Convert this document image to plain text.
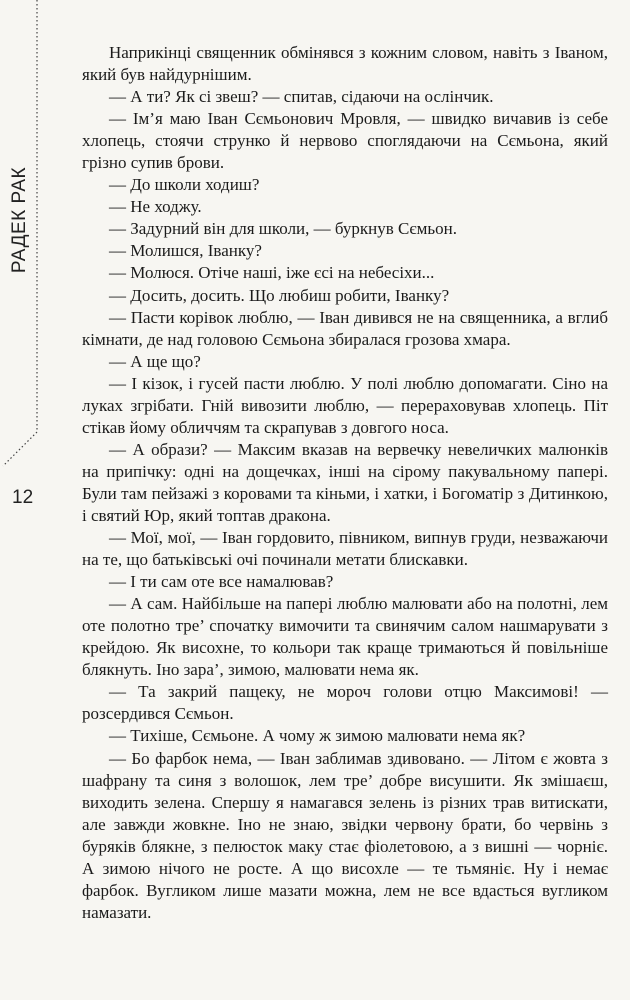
РАДЕК РАК
12

Наприкінці священник обмінявся з кожним словом, навіть з Іваном, який був найдурнішим.

— А ти? Як сі звеш? — спитав, сідаючи на ослінчик.

— Ім’я маю Іван Сємьонович Мровля, — швидко вичавив із себе хлопець, стоячи струнко й нервово споглядаючи на Сємьона, який грізно супив брови.

— До школи ходиш?

— Не ходжу.

— Задурний він для школи, — буркнув Сємьон.

— Молишся, Іванку?

— Молюся. Отіче наші, іже єсі на небесіхи...

— Досить, досить. Що любиш робити, Іванку?

— Пасти корівок люблю, — Іван дивився не на священника, а вглиб кімнати, де над головою Сємьона збиралася грозова хмара.

— А ще що?

— І кізок, і гусей пасти люблю. У полі люблю допомагати. Сіно на луках згрібати. Гній вивозити люблю, — перераховував хлопець. Піт стікав йому обличчям та скрапував з довгого носа.

— А образи? — Максим вказав на вервечку невеличких малюнків на припічку: одні на дощечках, інші на сірому пакувальному папері. Були там пейзажі з коровами та кіньми, і хатки, і Богоматір з Дитинкою, і святий Юр, який топтав дракона.

— Мої, мої, — Іван гордовито, півником, випнув груди, незважаючи на те, що батьківські очі починали метати блискавки.

— І ти сам оте все намалював?

— А сам. Найбільше на папері люблю малювати або на полотні, лем оте полотно тре’ спочатку вимочити та свинячим салом нашмарувати з крейдою. Як висохне, то кольори так краще тримаються й повільніше блякнуть. Іно зара’, зимою, малювати нема як.

— Та закрий пащеку, не мороч голови отцю Максимові! — розсердився Сємьон.

— Тихіше, Сємьоне. А чому ж зимою малювати нема як?

— Бо фарбок нема, — Іван заблимав здивовано. — Літом є жовта з шафрану та синя з волошок, лем тре’ добре висушити. Як змішаєш, виходить зелена. Спершу я намагався зелень із різних трав витискати, але завжди жовкне. Іно не знаю, звідки червону брати, бо червінь з буряків блякне, з пелюсток маку стає фіолетовою, а з вишні — чорніє. А зимою нічого не росте. А що висохле — те тьмяніє. Ну і немає фарбок. Вугликом лише мазати можна, лем не все вдасться вугликом намазати.
